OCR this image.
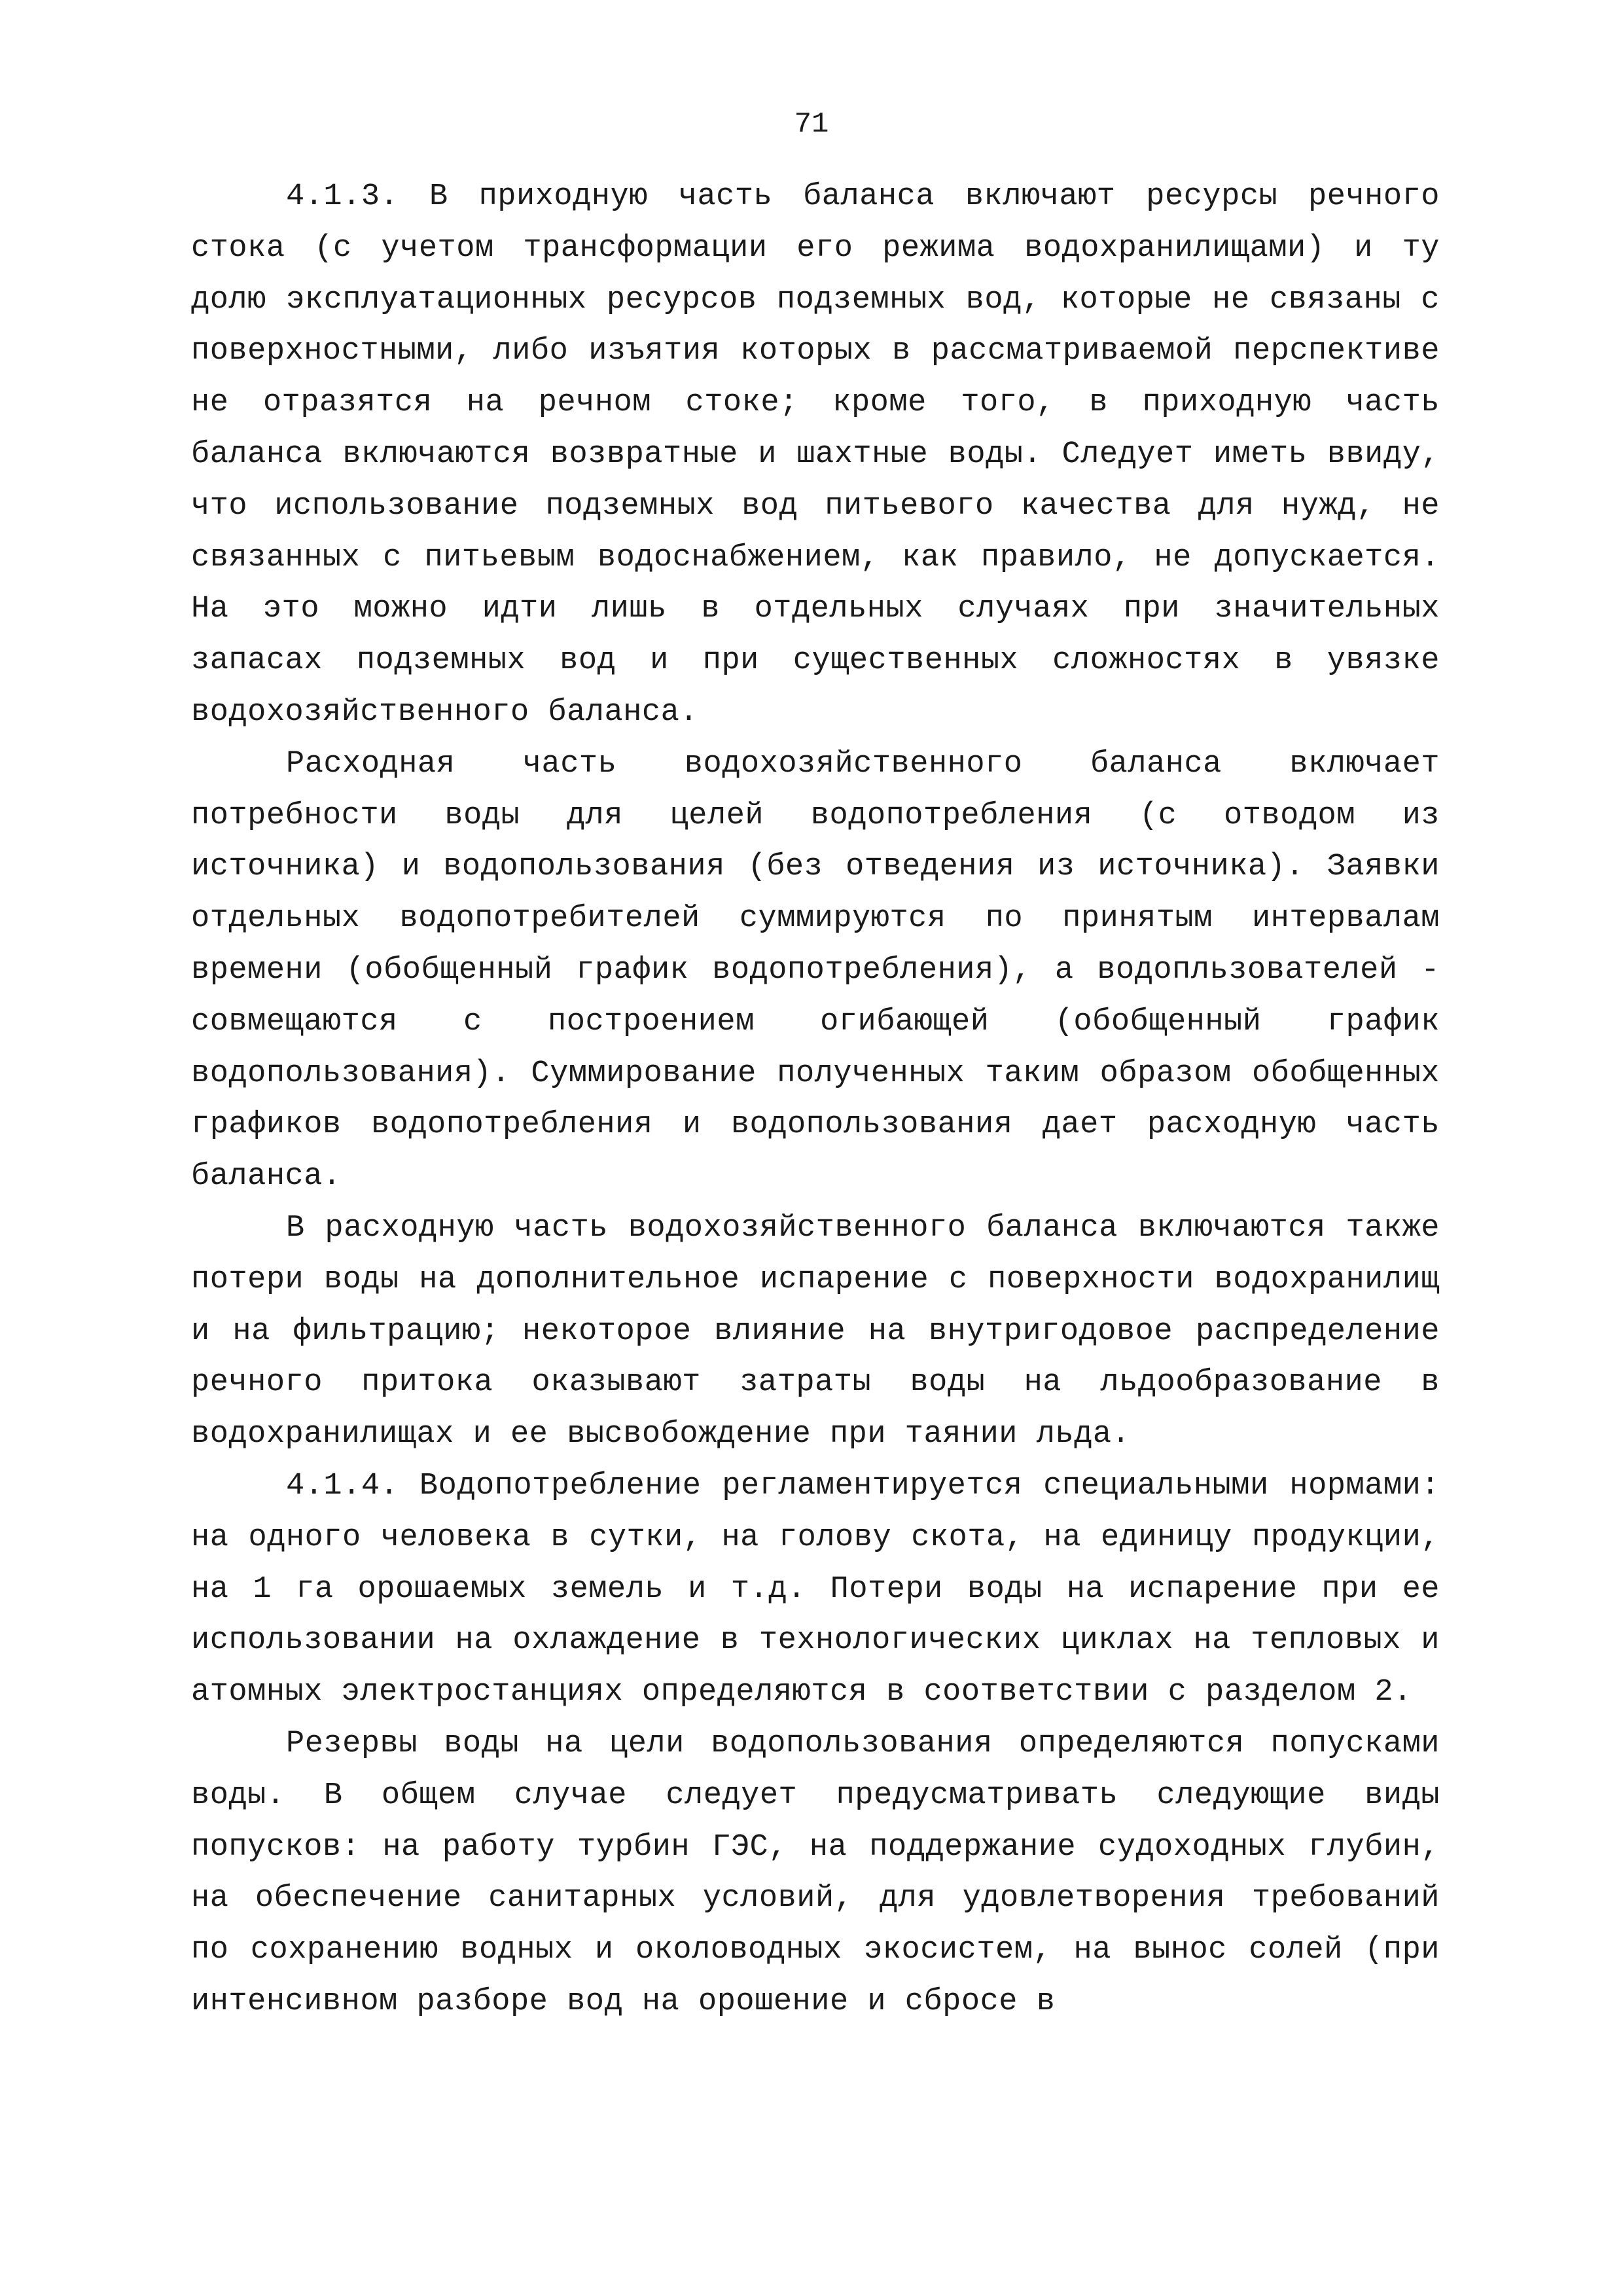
71

4.1.3. В приходную часть баланса включают ресурсы речного стока (с учетом трансформации его режима водохранилищами) и ту долю эксплуатационных ресурсов подземных вод, которые не связаны с поверхностными, либо изъятия которых в рассматриваемой перспективе не отразятся на речном стоке; кроме того, в приходную часть баланса включаются возвратные и шахтные воды. Следует иметь ввиду, что использование подземных вод питьевого качества для нужд, не связанных с питьевым водоснабжением, как правило, не допускается. На это можно идти лишь в отдельных случаях при значительных запасах подземных вод и при существенных сложностях в увязке водохозяйственного баланса.

Расходная часть водохозяйственного баланса включает потребности воды для целей водопотребления (с отводом из источника) и водопользования (без отведения из источника). Заявки отдельных водопотребителей суммируются по принятым интервалам времени (обобщенный график водопотребления), а водопльзователей - совмещаются с построением огибающей (обобщенный график водопользования). Суммирование полученных таким образом обобщенных графиков водопотребления и водопользования дает расходную часть баланса.

В расходную часть водохозяйственного баланса включаются также потери воды на дополнительное испарение с поверхности водохранилищ и на фильтрацию; некоторое влияние на внутригодовое распределение речного притока оказывают затраты воды на льдообразование в водохранилищах и ее высвобождение при таянии льда.

4.1.4. Водопотребление регламентируется специальными нормами: на одного человека в сутки, на голову скота, на единицу продукции, на 1 га орошаемых земель и т.д. Потери воды на испарение при ее использовании на охлаждение в технологических циклах на тепловых и атомных электростанциях определяются в соответствии с разделом 2.

Резервы воды на цели водопользования определяются попусками воды. В общем случае следует предусматривать следующие виды попусков: на работу турбин ГЭС, на поддержание судоходных глубин, на обеспечение санитарных условий, для удовлетворения требований по сохранению водных и околоводных экосистем, на вынос солей (при интенсивном разборе вод на орошение и сбросе в
